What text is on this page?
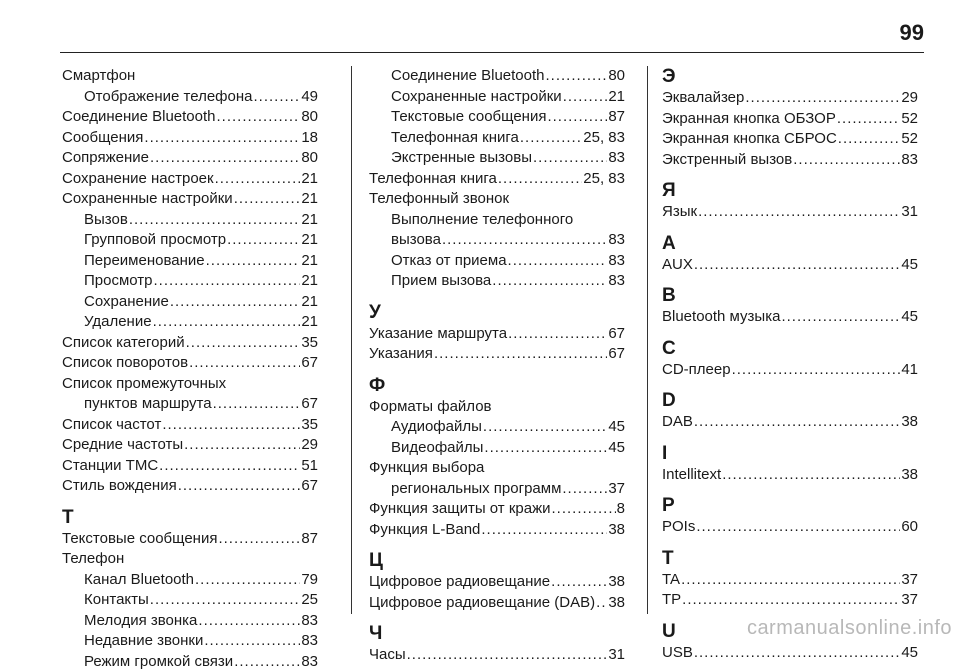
99
Смартфон
Отображение телефона .....	49
Соединение Bluetooth .....	80
Сообщения .....	18
Сопряжение .....	80
Сохранение настроек .....	21
Сохраненные настройки .....	21
Вызов .....	21
Групповой просмотр .....	21
Переименование .....	21
Просмотр .....	21
Сохранение .....	21
Удаление .....	21
Список категорий .....	35
Список поворотов .....	67
Список промежуточных
пунктов маршрута .....	67
Список частот .....	35
Средние частоты .....	29
Станции TMC .....	51
Стиль вождения .....	67
Т
Текстовые сообщения .....	87
Телефон
Канал Bluetooth .....	79
Контакты .....	25
Мелодия звонка .....	83
Недавние звонки .....	83
Режим громкой связи .....	83
Соединение Bluetooth .....	80
Сохраненные настройки .....	21
Текстовые сообщения .....	87
Телефонная книга .....	25, 83
Экстренные вызовы .....	83
Телефонная книга .....	25, 83
Телефонный звонок
Выполнение телефонного
вызова .....	83
Отказ от приема .....	83
Прием вызова .....	83
У
Указание маршрута .....	67
Указания .....	67
Ф
Форматы файлов
Аудиофайлы .....	45
Видеофайлы .....	45
Функция выбора
региональных программ .....	37
Функция защиты от кражи .....	8
Функция L-Band .....	38
Ц
Цифровое радиовещание .....	38
Цифровое радиовещание (DAB) ..... 38
Ч
Часы .....	31
Э
Эквалайзер .....	29
Экранная кнопка ОБЗОР .....	52
Экранная кнопка СБРОС .....	52
Экстренный вызов .....	83
Я
Язык .....	31
A
AUX .....	45
B
Bluetooth музыка .....	45
C
CD-плеер .....	41
D
DAB .....	38
I
Intellitext .....	38
P
POIs .....	60
T
TA .....	37
TP .....	37
U
USB .....	45
carmanualsonline.info
